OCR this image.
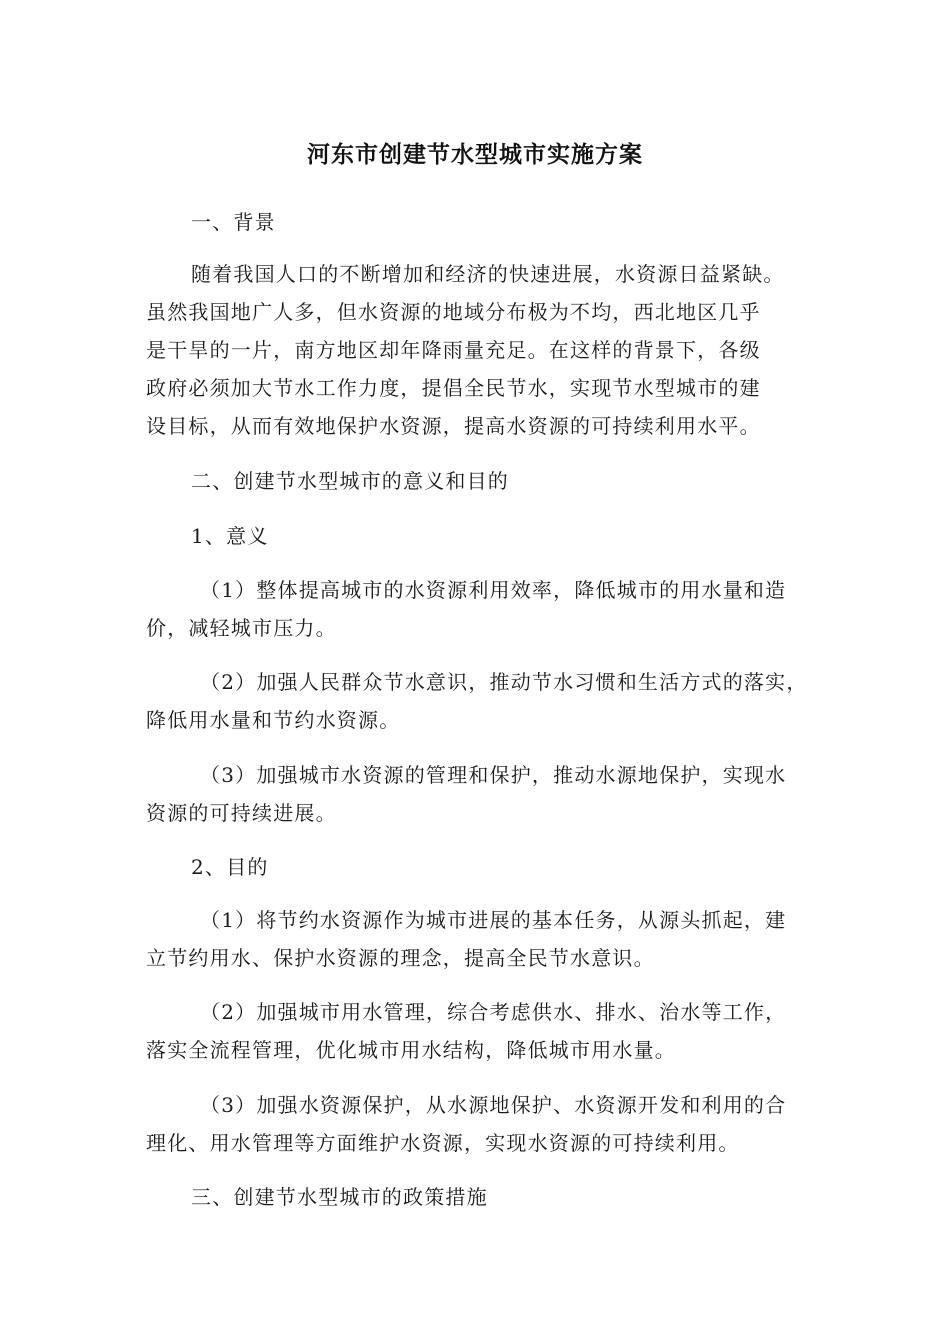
河东市创建节水型城市实施方案
一、背景
随着我国人口的不断增加和经济的快速进展，水资源日益紧缺。
虽然我国地广人多，但水资源的地域分布极为不均，西北地区几乎
是干旱的一片，南方地区却年降雨量充足。在这样的背景下，各级
政府必须加大节水工作力度，提倡全民节水，实现节水型城市的建
设目标，从而有效地保护水资源，提高水资源的可持续利用水平。
二、创建节水型城市的意义和目的
1、意义
（1）整体提高城市的水资源利用效率，降低城市的用水量和造
价，减轻城市压力。
（2）加强人民群众节水意识，推动节水习惯和生活方式的落实，
降低用水量和节约水资源。
（3）加强城市水资源的管理和保护，推动水源地保护，实现水
资源的可持续进展。
2、目的
（1）将节约水资源作为城市进展的基本任务，从源头抓起，建
立节约用水、保护水资源的理念，提高全民节水意识。
（2）加强城市用水管理，综合考虑供水、排水、治水等工作，
落实全流程管理，优化城市用水结构，降低城市用水量。
（3）加强水资源保护，从水源地保护、水资源开发和利用的合
理化、用水管理等方面维护水资源，实现水资源的可持续利用。
三、创建节水型城市的政策措施
